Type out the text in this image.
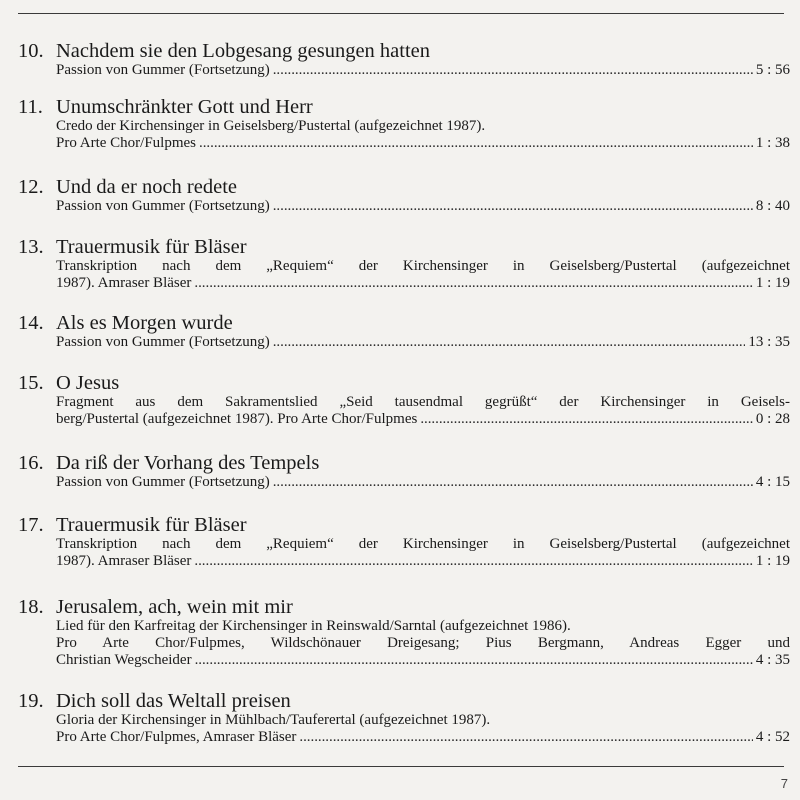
10. Nachdem sie den Lobgesang gesungen hatten
Passion von Gummer (Fortsetzung) . . .	5 : 56
11. Unumschränkter Gott und Herr
Credo der Kirchensinger in Geiselsberg/Pustertal (aufgezeichnet 1987).
Pro Arte Chor/Fulpmes . . .	1 : 38
12. Und da er noch redete
Passion von Gummer (Fortsetzung) . . .	8 : 40
13. Trauermusik für Bläser
Transkription nach dem „Requiem“ der Kirchensinger in Geiselsberg/Pustertal (aufgezeichnet
1987). Amraser Bläser . . .	1 : 19
14. Als es Morgen wurde
Passion von Gummer (Fortsetzung) . . .	13 : 35
15. O Jesus
Fragment aus dem Sakramentslied „Seid tausendmal gegrüßt“ der Kirchensinger in Geisels-
berg/Pustertal (aufgezeichnet 1987). Pro Arte Chor/Fulpmes . . .	0 : 28
16. Da riß der Vorhang des Tempels
Passion von Gummer (Fortsetzung) . . .	4 : 15
17. Trauermusik für Bläser
Transkription nach dem „Requiem“ der Kirchensinger in Geiselsberg/Pustertal (aufgezeichnet
1987). Amraser Bläser . . .	1 : 19
18. Jerusalem, ach, wein mit mir
Lied für den Karfreitag der Kirchensinger in Reinswald/Sarntal (aufgezeichnet 1986).
Pro Arte Chor/Fulpmes, Wildschönauer Dreigesang; Pius Bergmann, Andreas Egger und
Christian Wegscheider . . .	4 : 35
19. Dich soll das Weltall preisen
Gloria der Kirchensinger in Mühlbach/Tauferertal (aufgezeichnet 1987).
Pro Arte Chor/Fulpmes, Amraser Bläser . . .	4 : 52
7
